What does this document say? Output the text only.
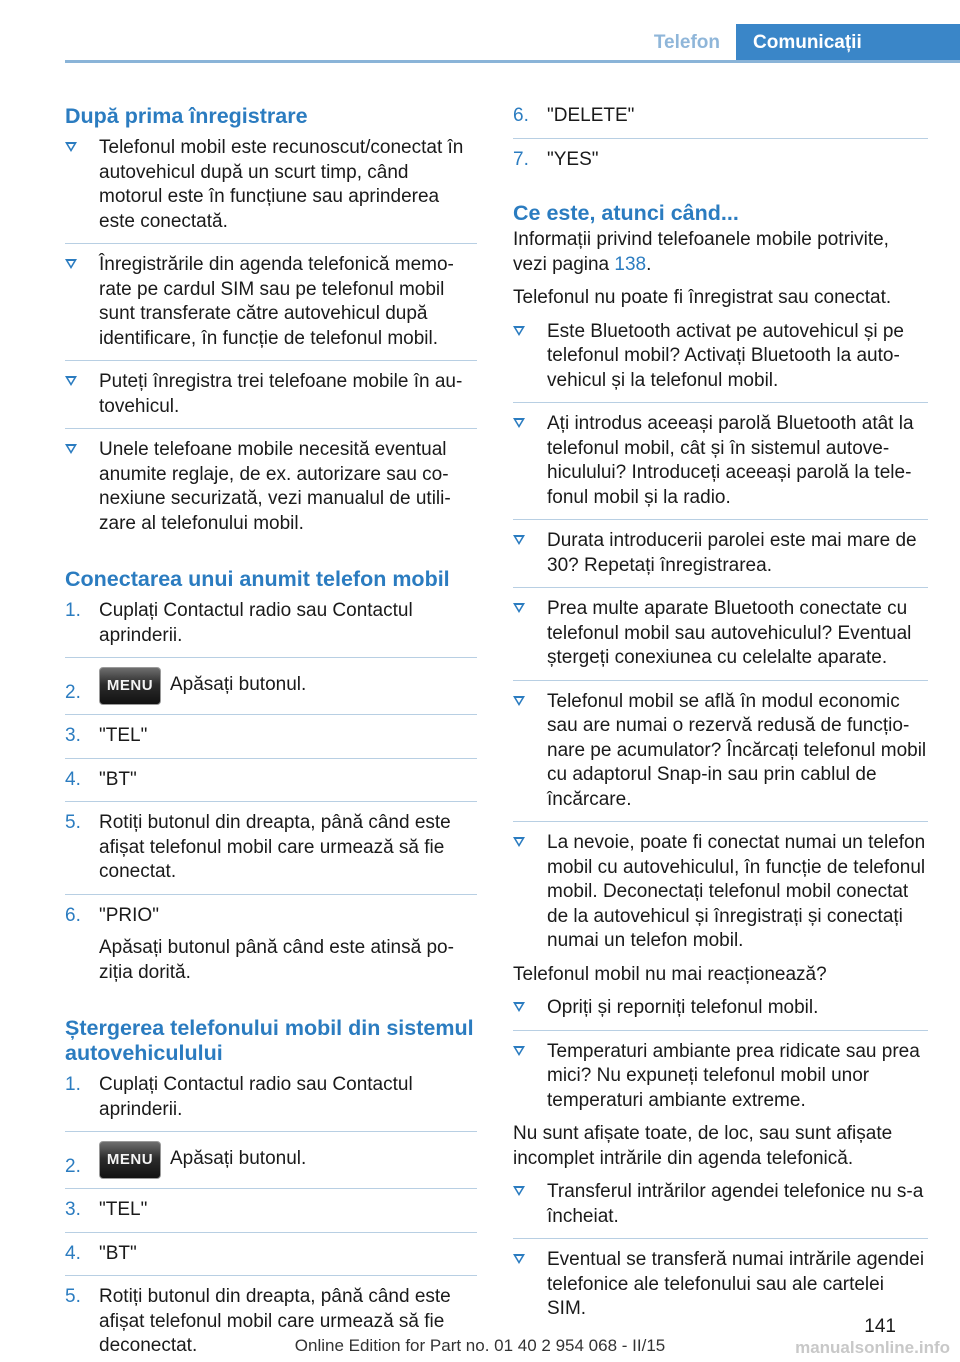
Telefon	Comunicații
După prima înregistrare
Telefonul mobil este recunoscut/conectat în autovehicul după un scurt timp, când motorul este în funcțiune sau aprinderea este conectată.
Înregistrările din agenda telefonică memorate pe cardul SIM sau pe telefonul mobil sunt transferate către autovehicul după identificare, în funcție de telefonul mobil.
Puteți înregistra trei telefoane mobile în autovehicul.
Unele telefoane mobile necesită eventual anumite reglaje, de ex. autorizare sau conexiune securizată, vezi manualul de utilizare al telefonului mobil.
Conectarea unui anumit telefon mobil
1. Cuplați Contactul radio sau Contactul aprinderii.
2. MENU Apăsați butonul.
3. "TEL"
4. "BT"
5. Rotiți butonul din dreapta, până când este afișat telefonul mobil care urmează să fie conectat.
6. "PRIO"
Apăsați butonul până când este atinsă poziția dorită.
Ștergerea telefonului mobil din sistemul autovehiculului
1. Cuplați Contactul radio sau Contactul aprinderii.
2. MENU Apăsați butonul.
3. "TEL"
4. "BT"
5. Rotiți butonul din dreapta, până când este afișat telefonul mobil care urmează să fie deconectat.
6. "DELETE"
7. "YES"
Ce este, atunci când...
Informații privind telefoanele mobile potrivite, vezi pagina 138.
Telefonul nu poate fi înregistrat sau conectat.
Este Bluetooth activat pe autovehicul și pe telefonul mobil? Activați Bluetooth la autovehicul și la telefonul mobil.
Ați introdus aceeași parolă Bluetooth atât la telefonul mobil, cât și în sistemul autovehiculului? Introduceți aceeași parolă la telefonul mobil și la radio.
Durata introducerii parolei este mai mare de 30? Repetați înregistrarea.
Prea multe aparate Bluetooth conectate cu telefonul mobil sau autovehiculul? Eventual ștergeți conexiunea cu celelalte aparate.
Telefonul mobil se află în modul economic sau are numai o rezervă redusă de funcționare pe acumulator? Încărcați telefonul mobil cu adaptorul Snap-in sau prin cablul de încărcare.
La nevoie, poate fi conectat numai un telefon mobil cu autovehiculul, în funcție de telefonul mobil. Deconectați telefonul mobil conectat de la autovehicul și înregistrați și conectați numai un telefon mobil.
Telefonul mobil nu mai reacționează?
Opriți și reporniți telefonul mobil.
Temperaturi ambiante prea ridicate sau prea mici? Nu expuneți telefonul mobil unor temperaturi ambiante extreme.
Nu sunt afișate toate, de loc, sau sunt afișate incomplet intrările din agenda telefonică.
Transferul intrărilor agendei telefonice nu s-a încheiat.
Eventual se transferă numai intrările agendei telefonice ale telefonului sau ale cartelei SIM.
141
Online Edition for Part no. 01 40 2 954 068 - II/15	manualsonline.info
